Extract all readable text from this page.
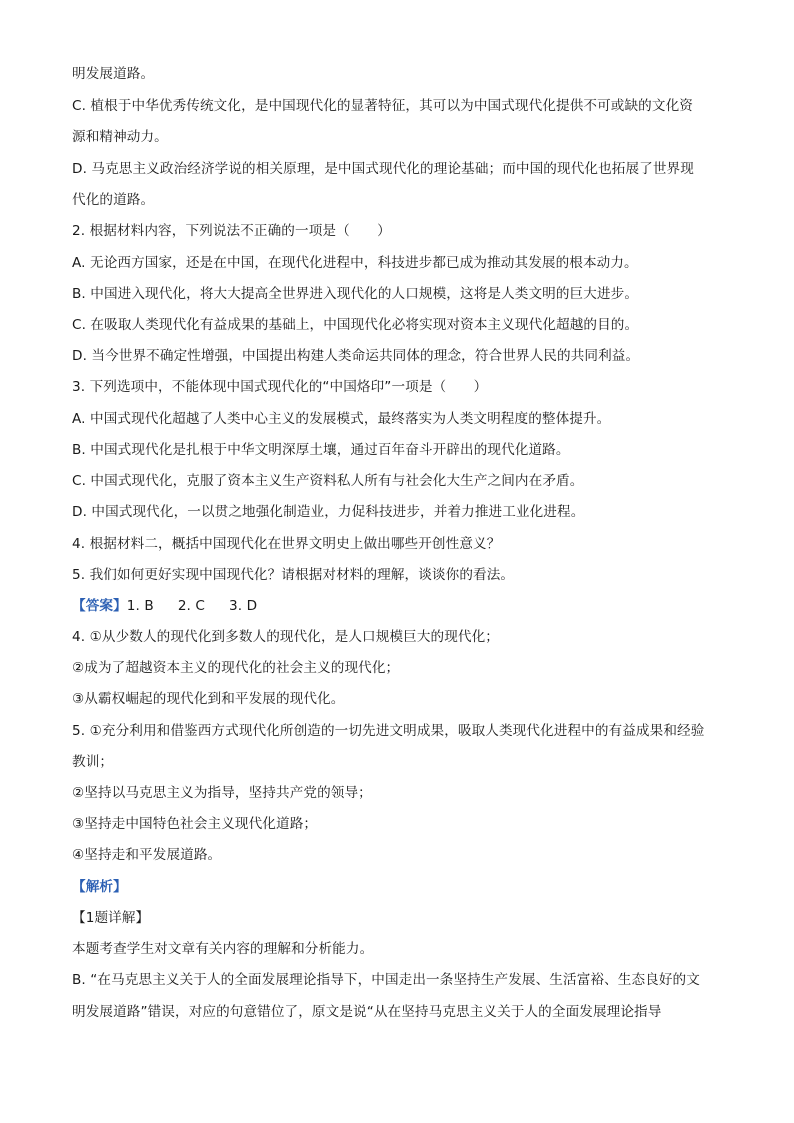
明发展道路。
C. 植根于中华优秀传统文化，是中国现代化的显著特征，其可以为中国式现代化提供不可或缺的文化资
源和精神动力。
D. 马克思主义政治经济学说的相关原理，是中国式现代化的理论基础；而中国的现代化也拓展了世界现
代化的道路。
2. 根据材料内容，下列说法不正确的一项是（　　）
A. 无论西方国家，还是在中国，在现代化进程中，科技进步都已成为推动其发展的根本动力。
B. 中国进入现代化，将大大提高全世界进入现代化的人口规模，这将是人类文明的巨大进步。
C. 在吸取人类现代化有益成果的基础上，中国现代化必将实现对资本主义现代化超越的目的。
D. 当今世界不确定性增强，中国提出构建人类命运共同体的理念，符合世界人民的共同利益。
3. 下列选项中，不能体现中国式现代化的“中国烙印”一项是（　　）
A. 中国式现代化超越了人类中心主义的发展模式，最终落实为人类文明程度的整体提升。
B. 中国式现代化是扎根于中华文明深厚土壤，通过百年奋斗开辟出的现代化道路。
C. 中国式现代化，克服了资本主义生产资料私人所有与社会化大生产之间内在矛盾。
D. 中国式现代化，一以贯之地强化制造业，力促科技进步，并着力推进工业化进程。
4. 根据材料二，概括中国现代化在世界文明史上做出哪些开创性意义？
5. 我们如何更好实现中国现代化？请根据对材料的理解，谈谈你的看法。
【答案】1. B 2. C 3. D
4. ①从少数人的现代化到多数人的现代化，是人口规模巨大的现代化；
②成为了超越资本主义的现代化的社会主义的现代化；
③从霸权崛起的现代化到和平发展的现代化。
5. ①充分利用和借鉴西方式现代化所创造的一切先进文明成果，吸取人类现代化进程中的有益成果和经验
教训；
②坚持以马克思主义为指导，坚持共产党的领导；
③坚持走中国特色社会主义现代化道路；
④坚持走和平发展道路。
【解析】
【1题详解】
本题考查学生对文章有关内容的理解和分析能力。
B. “在马克思主义关于人的全面发展理论指导下，中国走出一条坚持生产发展、生活富裕、生态良好的文
明发展道路”错误，对应的句意错位了，原文是说“从在坚持马克思主义关于人的全面发展理论指导
